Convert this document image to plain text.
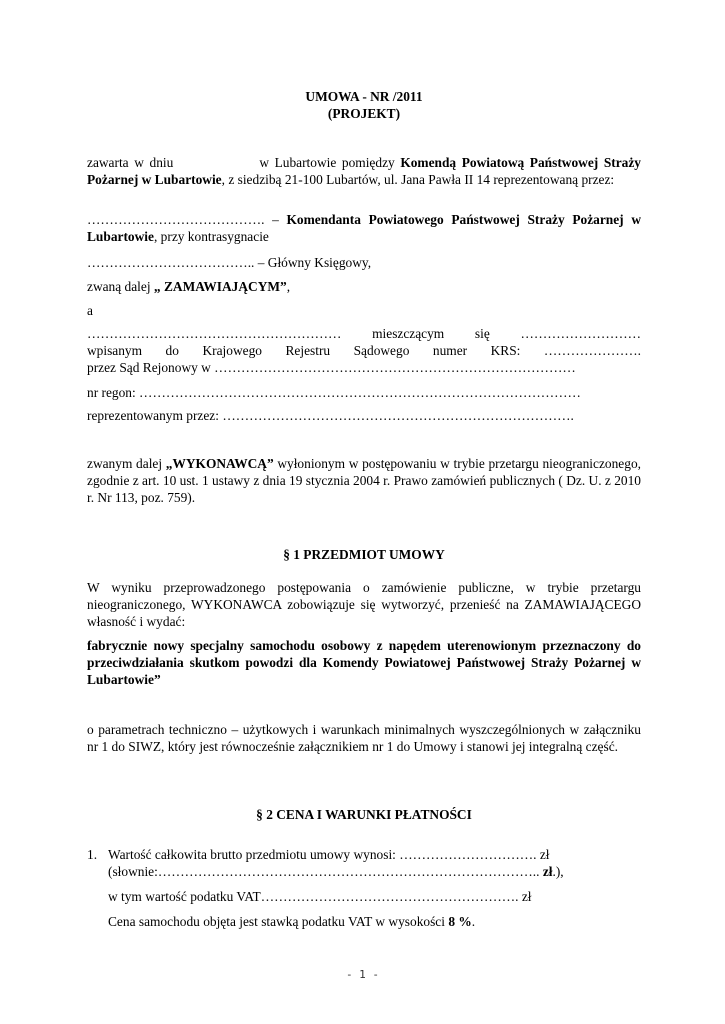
UMOWA - NR /2011
(PROJEKT)

zawarta w dniu	w Lubartowie pomiędzy Komendą Powiatową Państwowej Straży Pożarnej w Lubartowie, z siedzibą 21-100 Lubartów, ul. Jana Pawła II 14 reprezentowaną przez:

…………………………………. – Komendanta Powiatowego Państwowej Straży Pożarnej w Lubartowie, przy kontrasygnacie

……………………………….. – Główny Księgowy,

zwaną dalej „ ZAMAWIAJĄCYM”,

a

………………………………………………… mieszczącym się ………………………
wpisanym do Krajowego Rejestru Sądowego numer KRS: ………………….
przez Sąd Rejonowy w ………………………………………………………………………

nr regon: ………………………………………………………………………………………

reprezentowanym przez: …………………………………………………………………….

zwanym dalej „WYKONAWCĄ” wyłonionym w postępowaniu w trybie przetargu nieograniczonego, zgodnie z art. 10 ust. 1 ustawy z dnia 19 stycznia 2004 r. Prawo zamówień publicznych ( Dz. U. z 2010 r. Nr 113, poz. 759).

§ 1 PRZEDMIOT UMOWY

W wyniku przeprowadzonego postępowania o zamówienie publiczne, w trybie przetargu nieograniczonego, WYKONAWCA zobowiązuje się wytworzyć, przenieść na ZAMAWIAJĄCEGO własność i wydać:

fabrycznie nowy specjalny samochodu osobowy z napędem uterenowionym przeznaczony do przeciwdziałania skutkom powodzi dla Komendy Powiatowej Państwowej Straży Pożarnej w Lubartowie”

o parametrach techniczno – użytkowych i warunkach minimalnych wyszczególnionych w załączniku nr 1 do SIWZ, który jest równocześnie załącznikiem nr 1 do Umowy i stanowi jej integralną część.

§ 2 CENA I WARUNKI PŁATNOŚCI
1. Wartość całkowita brutto przedmiotu umowy wynosi: …………………………. zł
(słownie:………………………………………………………………………….. zł.),
w tym wartość podatku VAT…………………………………………………. zł
Cena samochodu objęta jest stawką podatku VAT w wysokości 8 %.
- 1 -
